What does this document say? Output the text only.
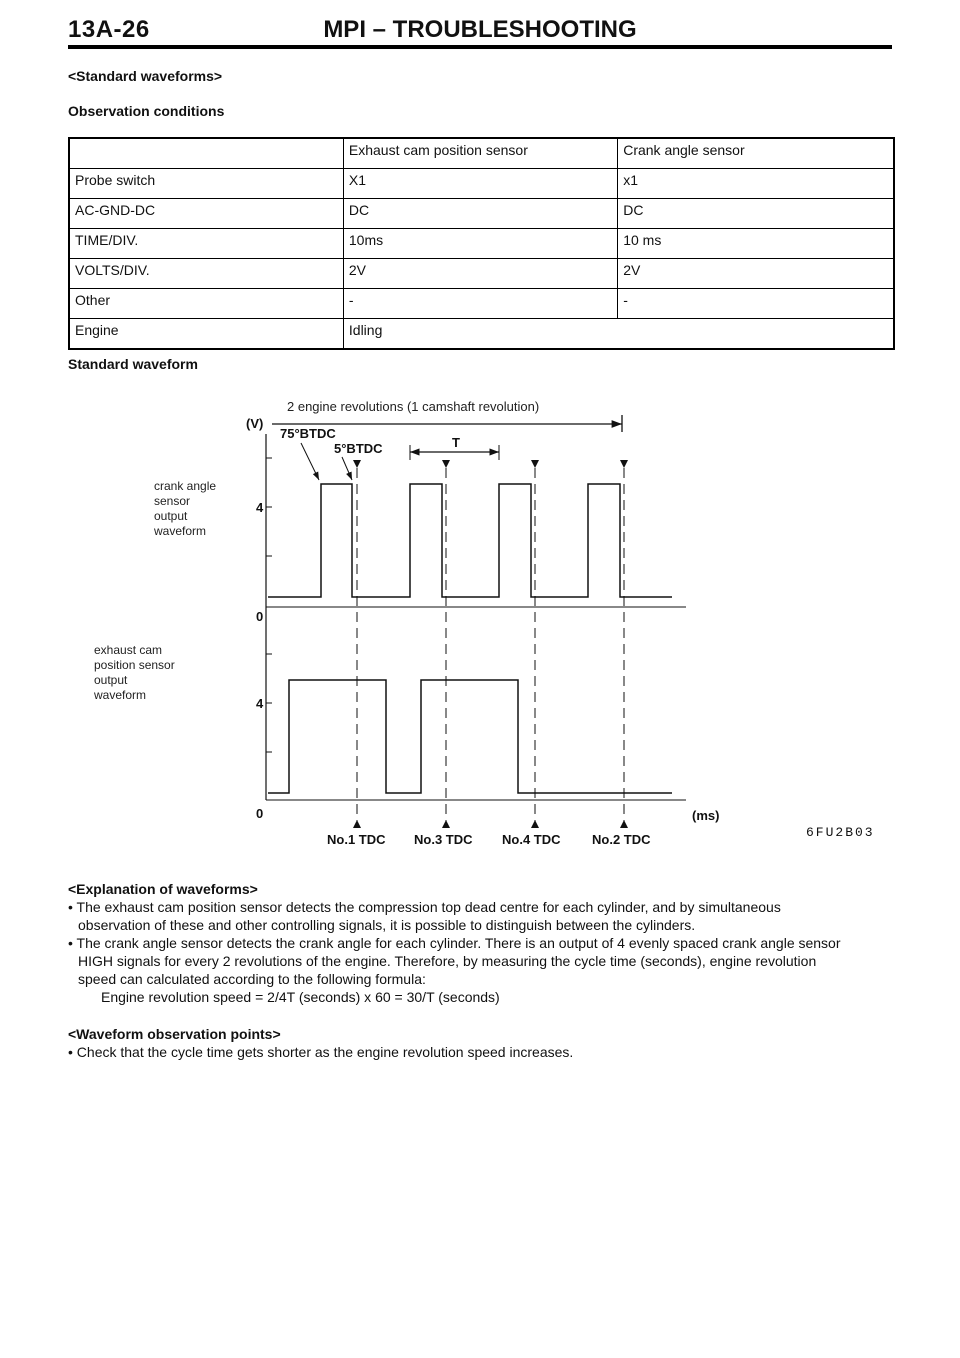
13A-26	MPI – TROUBLESHOOTING
<Standard waveforms>
Observation conditions
	Exhaust cam position sensor	Crank angle sensor
Probe switch	X1	x1
AC-GND-DC	DC	DC
TIME/DIV.	10ms	10 ms
VOLTS/DIV.	2V	2V
Other	-	-
Engine	Idling	
Standard waveform
2 engine revolutions (1 camshaft revolution)
crank angle sensor output waveform
exhaust cam position sensor output waveform
(V)
4
0
4
0	(ms)
75°BTDC
5°BTDC	T
No.1 TDC No.3 TDC No.4 TDC No.2 TDC	6FU2B03
<Explanation of waveforms>
• The exhaust cam position sensor detects the compression top dead centre for each cylinder, and by simultaneous
observation of these and other controlling signals, it is possible to distinguish between the cylinders.
• The crank angle sensor detects the crank angle for each cylinder. There is an output of 4 evenly spaced crank angle sensor
HIGH signals for every 2 revolutions of the engine. Therefore, by measuring the cycle time (seconds), engine revolution
speed can calculated according to the following formula:
Engine revolution speed = 2/4T (seconds) x 60 = 30/T (seconds)
<Waveform observation points>
• Check that the cycle time gets shorter as the engine revolution speed increases.
